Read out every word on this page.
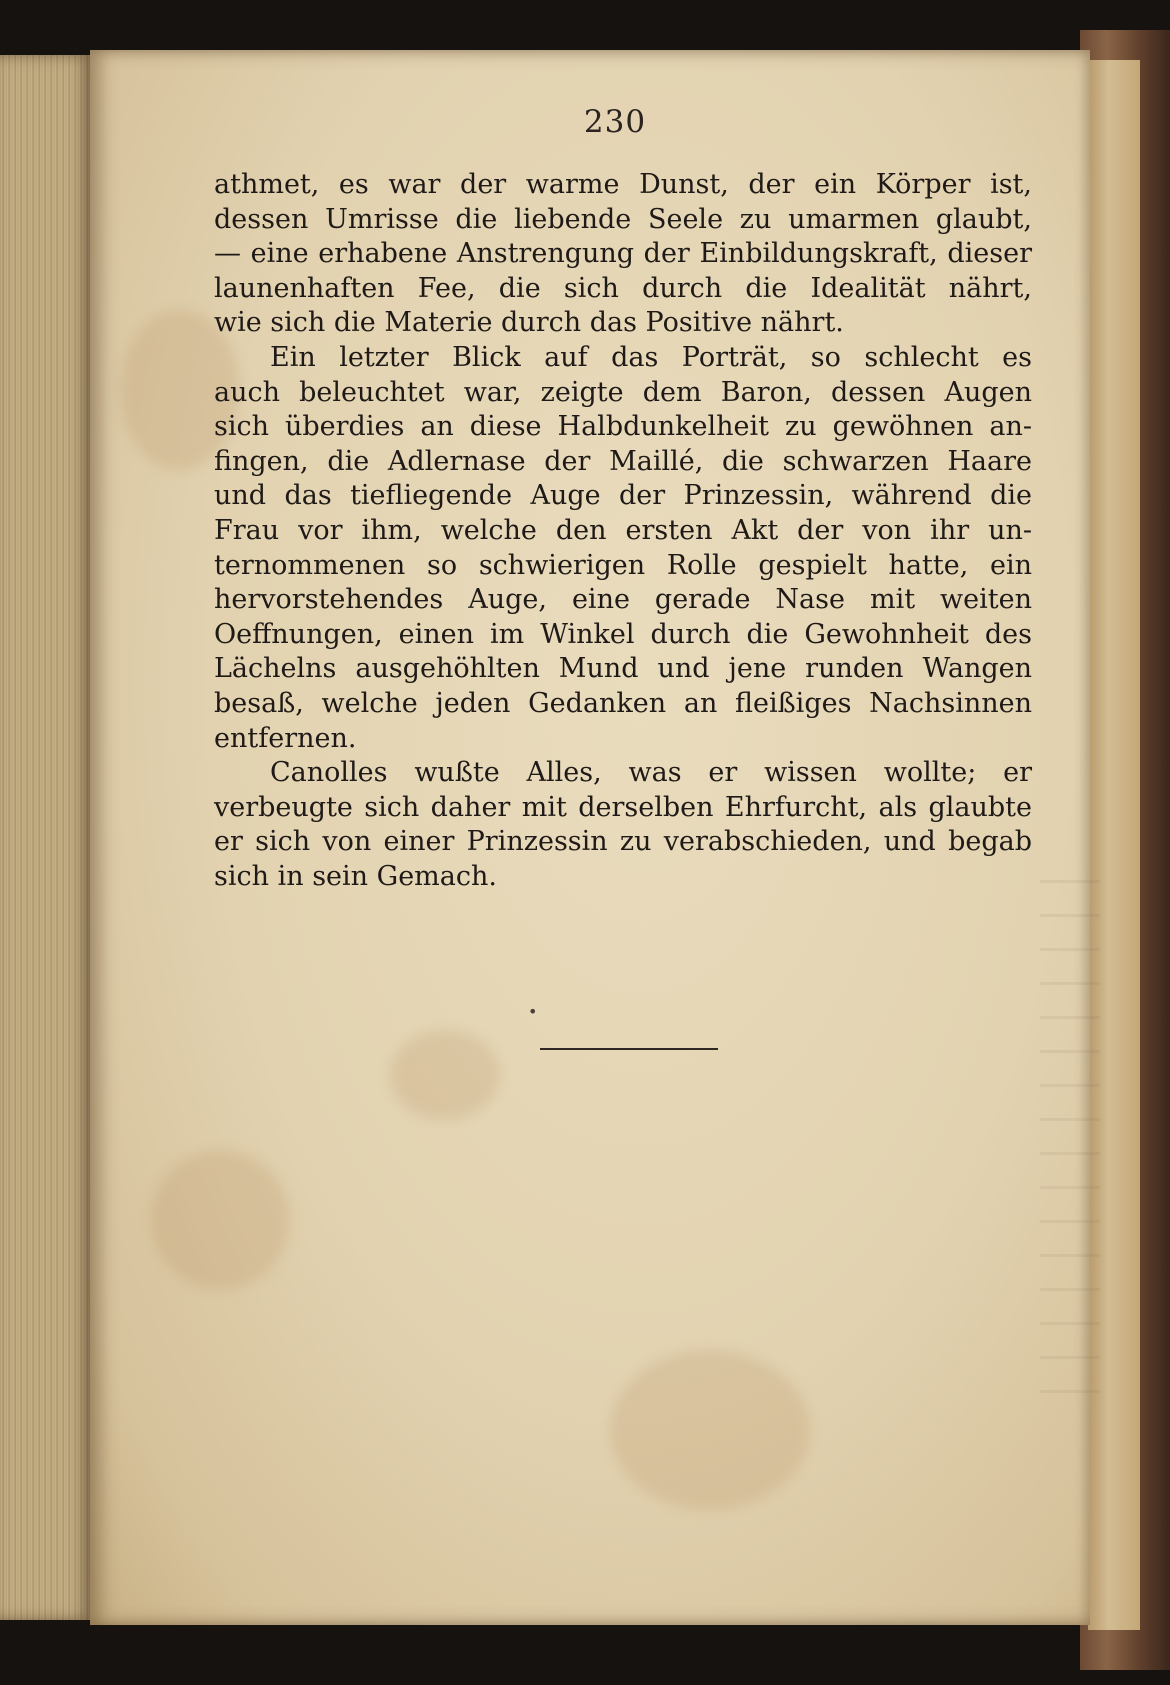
230
athmet, es war der warme Dunst, der ein Körper ist,
dessen Umrisse die liebende Seele zu umarmen glaubt,
— eine erhabene Anstrengung der Einbildungskraft, dieser
launenhaften Fee, die sich durch die Idealität nährt,
wie sich die Materie durch das Positive nährt.
Ein letzter Blick auf das Porträt, so schlecht es
auch beleuchtet war, zeigte dem Baron, dessen Augen
sich überdies an diese Halbdunkelheit zu gewöhnen an-
fingen, die Adlernase der Maillé, die schwarzen Haare
und das tiefliegende Auge der Prinzessin, während die
Frau vor ihm, welche den ersten Akt der von ihr un-
ternommenen so schwierigen Rolle gespielt hatte, ein
hervorstehendes Auge, eine gerade Nase mit weiten
Oeffnungen, einen im Winkel durch die Gewohnheit des
Lächelns ausgehöhlten Mund und jene runden Wangen
besaß, welche jeden Gedanken an fleißiges Nachsinnen
entfernen.
Canolles wußte Alles, was er wissen wollte; er
verbeugte sich daher mit derselben Ehrfurcht, als glaubte
er sich von einer Prinzessin zu verabschieden, und begab
sich in sein Gemach.
•
